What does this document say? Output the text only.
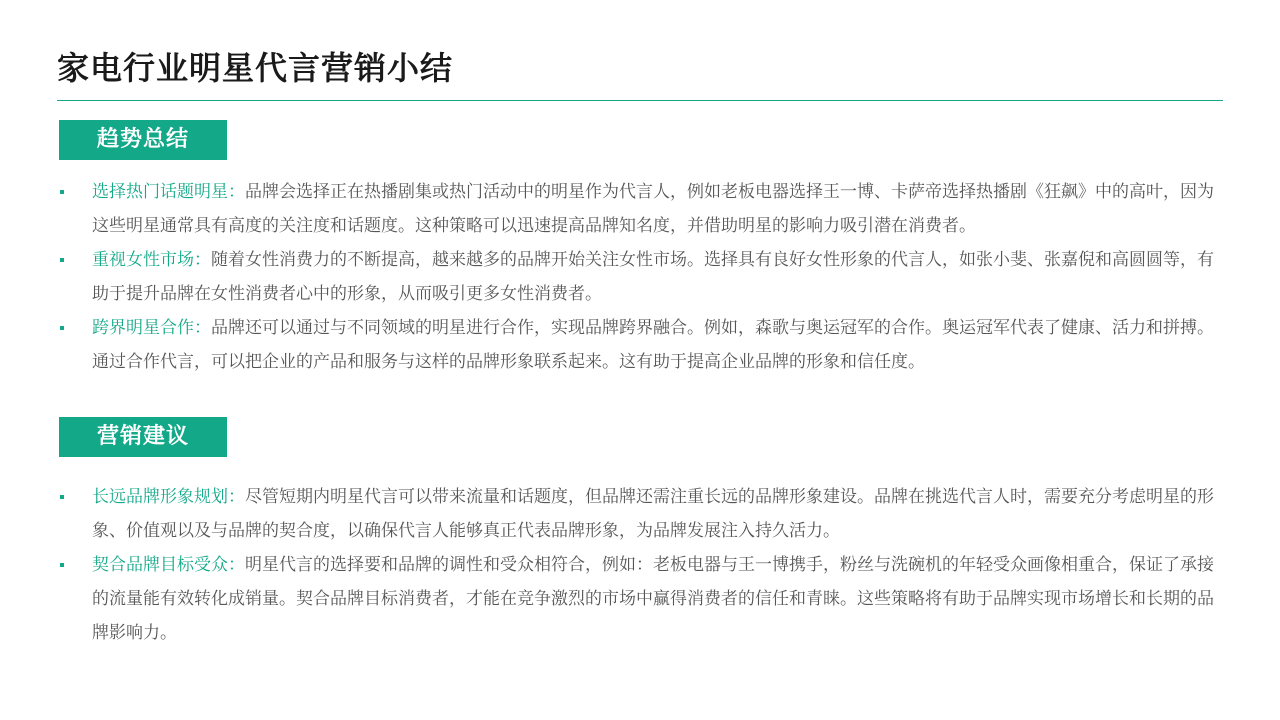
家电行业明星代言营销小结
趋势总结
选择热门话题明星：品牌会选择正在热播剧集或热门活动中的明星作为代言人，例如老板电器选择王一博、卡萨帝选择热播剧《狂飙》中的高叶，因为这些明星通常具有高度的关注度和话题度。这种策略可以迅速提高品牌知名度，并借助明星的影响力吸引潜在消费者。
重视女性市场：随着女性消费力的不断提高，越来越多的品牌开始关注女性市场。选择具有良好女性形象的代言人，如张小斐、张嘉倪和高圆圆等，有助于提升品牌在女性消费者心中的形象，从而吸引更多女性消费者。
跨界明星合作：品牌还可以通过与不同领域的明星进行合作，实现品牌跨界融合。例如，森歌与奥运冠军的合作。奥运冠军代表了健康、活力和拼搏。通过合作代言，可以把企业的产品和服务与这样的品牌形象联系起来。这有助于提高企业品牌的形象和信任度。
营销建议
长远品牌形象规划：尽管短期内明星代言可以带来流量和话题度，但品牌还需注重长远的品牌形象建设。品牌在挑选代言人时，需要充分考虑明星的形象、价值观以及与品牌的契合度，以确保代言人能够真正代表品牌形象，为品牌发展注入持久活力。
契合品牌目标受众：明星代言的选择要和品牌的调性和受众相符合，例如：老板电器与王一博携手，粉丝与洗碗机的年轻受众画像相重合，保证了承接的流量能有效转化成销量。契合品牌目标消费者，才能在竞争激烈的市场中赢得消费者的信任和青睐。这些策略将有助于品牌实现市场增长和长期的品牌影响力。
